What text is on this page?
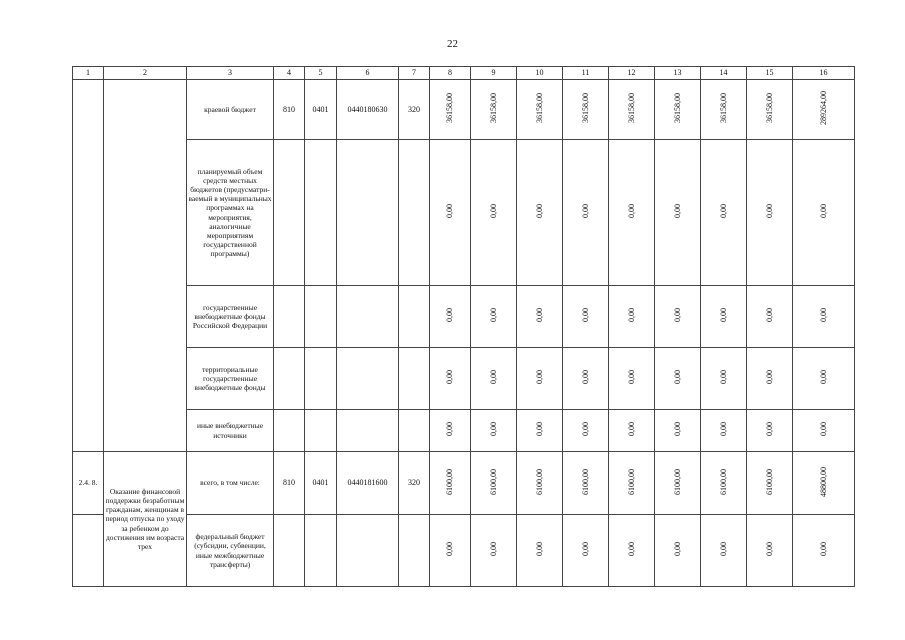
22
1	2	3	4	5	6	7	8	9	10	11	12	13	14	15	16
		краевой бюджет	810	0401	0440180630	320	36158,00	36158,00	36158,00	36158,00	36158,00	36158,00	36158,00	36158,00	289264,00
		планируемый объем средств местных бюджетов (предусматри-ваемый в муниципальных программах на мероприятия, аналогичные мероприятиям государственной программы)					0,00	0,00	0,00	0,00	0,00	0,00	0,00	0,00	0,00
		государственные внебюджетные фонды Российской Федерации					0,00	0,00	0,00	0,00	0,00	0,00	0,00	0,00	0,00
		территориальные государственные внебюджетные фонды					0,00	0,00	0,00	0,00	0,00	0,00	0,00	0,00	0,00
		иные внебюджетные источники					0,00	0,00	0,00	0,00	0,00	0,00	0,00	0,00	0,00
2.4. 8.	Оказание финансовой поддержки безработным гражданам, женщинам в период отпуска по уходу за ребенком до достижения им возраста трех	всего, в том числе:	810	0401	0440181600	320	6100,00	6100,00	6100,00	6100,00	6100,00	6100,00	6100,00	6100,00	48800,00
		федеральный бюджет (субсидии, субвенции, иные межбюджетные трансферты)					0,00	0,00	0,00	0,00	0,00	0,00	0,00	0,00	0,00
